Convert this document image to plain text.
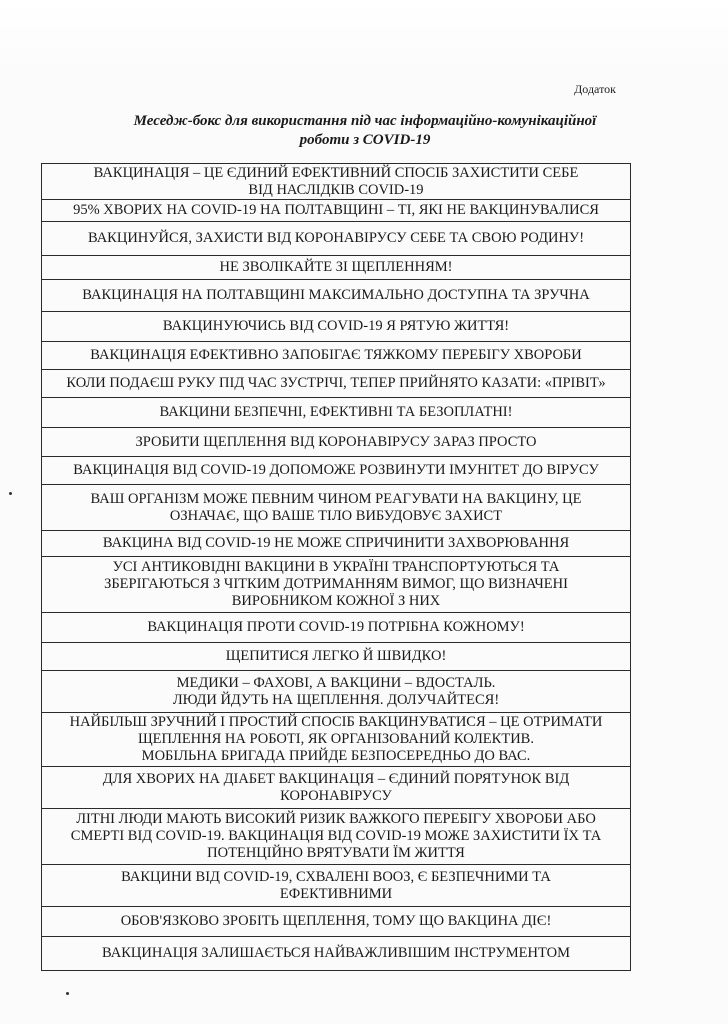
Додаток
Меседж-бокс для використання під час інформаційно-комунікаційної
роботи з COVID-19
ВАКЦИНАЦІЯ – ЦЕ ЄДИНИЙ ЕФЕКТИВНИЙ СПОСІБ ЗАХИСТИТИ СЕБЕ
ВІД НАСЛІДКІВ COVID-19
95% ХВОРИХ НА COVID-19 НА ПОЛТАВЩИНІ – ТІ, ЯКІ НЕ ВАКЦИНУВАЛИСЯ
ВАКЦИНУЙСЯ, ЗАХИСТИ ВІД КОРОНАВІРУСУ СЕБЕ ТА СВОЮ РОДИНУ!
НЕ ЗВОЛІКАЙТЕ ЗІ ЩЕПЛЕННЯМ!
ВАКЦИНАЦІЯ НА ПОЛТАВЩИНІ МАКСИМАЛЬНО ДОСТУПНА ТА ЗРУЧНА
ВАКЦИНУЮЧИСЬ ВІД COVID-19 Я РЯТУЮ ЖИТТЯ!
ВАКЦИНАЦІЯ ЕФЕКТИВНО ЗАПОБІГАЄ ТЯЖКОМУ ПЕРЕБІГУ ХВОРОБИ
КОЛИ ПОДАЄШ РУКУ ПІД ЧАС ЗУСТРІЧІ, ТЕПЕР ПРИЙНЯТО КАЗАТИ: «ПРІВІТ»
ВАКЦИНИ БЕЗПЕЧНІ, ЕФЕКТИВНІ ТА БЕЗОПЛАТНІ!
ЗРОБИТИ ЩЕПЛЕННЯ ВІД КОРОНАВІРУСУ ЗАРАЗ ПРОСТО
ВАКЦИНАЦІЯ ВІД COVID-19 ДОПОМОЖЕ РОЗВИНУТИ ІМУНІТЕТ ДО ВІРУСУ
ВАШ ОРГАНІЗМ МОЖЕ ПЕВНИМ ЧИНОМ РЕАГУВАТИ НА ВАКЦИНУ, ЦЕ
ОЗНАЧАЄ, ЩО ВАШЕ ТІЛО ВИБУДОВУЄ ЗАХИСТ
ВАКЦИНА ВІД COVID-19 НЕ МОЖЕ СПРИЧИНИТИ ЗАХВОРЮВАННЯ
УСІ АНТИКОВІДНІ ВАКЦИНИ В УКРАЇНІ ТРАНСПОРТУЮТЬСЯ ТА
ЗБЕРІГАЮТЬСЯ З ЧІТКИМ ДОТРИМАННЯМ ВИМОГ, ЩО ВИЗНАЧЕНІ
ВИРОБНИКОМ КОЖНОЇ З НИХ
ВАКЦИНАЦІЯ ПРОТИ COVID-19 ПОТРІБНА КОЖНОМУ!
ЩЕПИТИСЯ ЛЕГКО Й ШВИДКО!
МЕДИКИ – ФАХОВІ, А ВАКЦИНИ – ВДОСТАЛЬ.
ЛЮДИ ЙДУТЬ НА ЩЕПЛЕННЯ. ДОЛУЧАЙТЕСЯ!
НАЙБІЛЬШ ЗРУЧНИЙ І ПРОСТИЙ СПОСІБ ВАКЦИНУВАТИСЯ – ЦЕ ОТРИМАТИ
ЩЕПЛЕННЯ НА РОБОТІ, ЯК ОРГАНІЗОВАНИЙ КОЛЕКТИВ.
МОБІЛЬНА БРИГАДА ПРИЙДЕ БЕЗПОСЕРЕДНЬО ДО ВАС.
ДЛЯ ХВОРИХ НА ДІАБЕТ ВАКЦИНАЦІЯ – ЄДИНИЙ ПОРЯТУНОК ВІД
КОРОНАВІРУСУ
ЛІТНІ ЛЮДИ МАЮТЬ ВИСОКИЙ РИЗИК ВАЖКОГО ПЕРЕБІГУ ХВОРОБИ АБО
СМЕРТІ ВІД COVID-19. ВАКЦИНАЦІЯ ВІД COVID-19 МОЖЕ ЗАХИСТИТИ ЇХ ТА
ПОТЕНЦІЙНО ВРЯТУВАТИ ЇМ ЖИТТЯ
ВАКЦИНИ ВІД COVID-19, СХВАЛЕНІ ВООЗ, Є БЕЗПЕЧНИМИ ТА
ЕФЕКТИВНИМИ
ОБОВ'ЯЗКОВО ЗРОБІТЬ ЩЕПЛЕННЯ, ТОМУ ЩО ВАКЦИНА ДІЄ!
ВАКЦИНАЦІЯ ЗАЛИШАЄТЬСЯ НАЙВАЖЛИВІШИМ ІНСТРУМЕНТОМ
